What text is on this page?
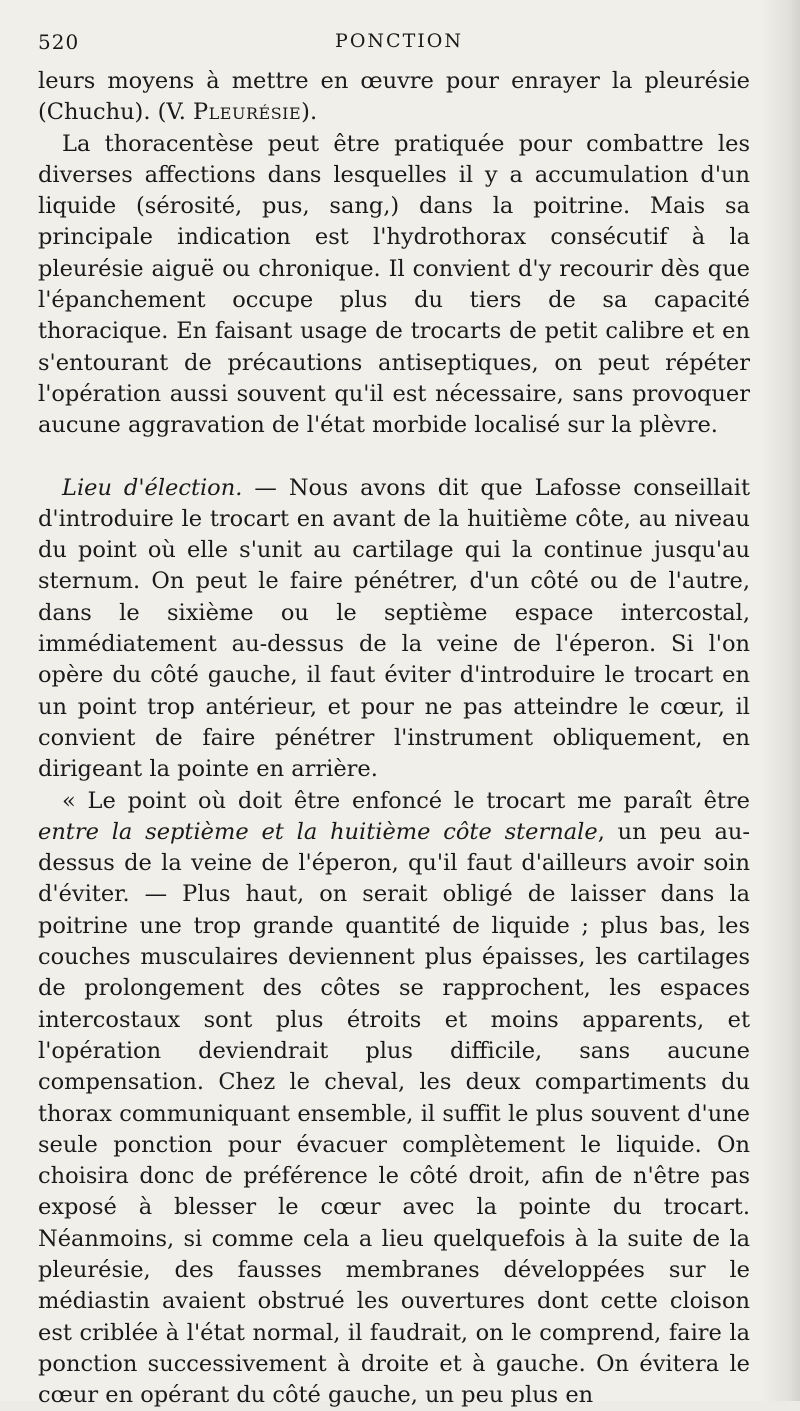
520	PONCTION

leurs moyens à mettre en œuvre pour enrayer la pleurésie (Chuchu). (V. Pleurésie).

La thoracentèse peut être pratiquée pour combattre les diverses affections dans lesquelles il y a accumulation d'un liquide (sérosité, pus, sang,) dans la poitrine. Mais sa principale indication est l'hydrothorax consécutif à la pleurésie aiguë ou chronique. Il convient d'y recourir dès que l'épanchement occupe plus du tiers de sa capacité thoracique. En faisant usage de trocarts de petit calibre et en s'entourant de précautions antiseptiques, on peut répéter l'opération aussi souvent qu'il est nécessaire, sans provoquer aucune aggravation de l'état morbide localisé sur la plèvre.

Lieu d'élection. — Nous avons dit que Lafosse conseillait d'introduire le trocart en avant de la huitième côte, au niveau du point où elle s'unit au cartilage qui la continue jusqu'au sternum. On peut le faire pénétrer, d'un côté ou de l'autre, dans le sixième ou le septième espace intercostal, immédiatement au-dessus de la veine de l'éperon. Si l'on opère du côté gauche, il faut éviter d'introduire le trocart en un point trop antérieur, et pour ne pas atteindre le cœur, il convient de faire pénétrer l'instrument obliquement, en dirigeant la pointe en arrière.

« Le point où doit être enfoncé le trocart me paraît être entre la septième et la huitième côte sternale, un peu au-dessus de la veine de l'éperon, qu'il faut d'ailleurs avoir soin d'éviter. — Plus haut, on serait obligé de laisser dans la poitrine une trop grande quantité de liquide ; plus bas, les couches musculaires deviennent plus épaisses, les cartilages de prolongement des côtes se rapprochent, les espaces intercostaux sont plus étroits et moins apparents, et l'opération deviendrait plus difficile, sans aucune compensation. Chez le cheval, les deux compartiments du thorax communiquant ensemble, il suffit le plus souvent d'une seule ponction pour évacuer complètement le liquide. On choisira donc de préférence le côté droit, afin de n'être pas exposé à blesser le cœur avec la pointe du trocart. Néanmoins, si comme cela a lieu quelquefois à la suite de la pleurésie, des fausses membranes développées sur le médiastin avaient obstrué les ouvertures dont cette cloison est criblée à l'état normal, il faudrait, on le comprend, faire la ponction successivement à droite et à gauche. On évitera le cœur en opérant du côté gauche, un peu plus en
